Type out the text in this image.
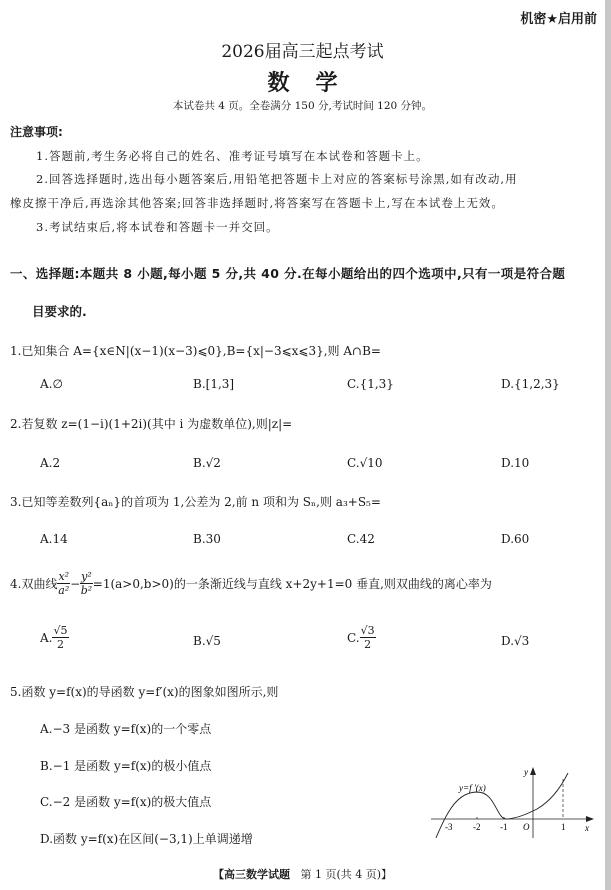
机密★启用前
2026届高三起点考试
数学
本试卷共 4 页。全卷满分 150 分,考试时间 120 分钟。
注意事项:
1.答题前,考生务必将自己的姓名、准考证号填写在本试卷和答题卡上。
2.回答选择题时,选出每小题答案后,用铅笔把答题卡上对应的答案标号涂黑,如有改动,用
橡皮擦干净后,再选涂其他答案;回答非选择题时,将答案写在答题卡上,写在本试卷上无效。
3.考试结束后,将本试卷和答题卡一并交回。
一、选择题:本题共 8 小题,每小题 5 分,共 40 分.在每小题给出的四个选项中,只有一项是符合题
目要求的.
1.已知集合 A={x∈N|(x−1)(x−3)⩽0},B={x|−3⩽x⩽3},则 A∩B=
A.∅	B.[1,3]	C.{1,3}	D.{1,2,3}
2.若复数 z=(1−i)(1+2i)(其中 i 为虚数单位),则|z|=
A.2	B.√2	C.√10	D.10
3.已知等差数列{aₙ}的首项为 1,公差为 2,前 n 项和为 Sₙ,则 a₃+S₅=
A.14	B.30	C.42	D.60
4.双曲线 $\frac{\text{x²}}{\text{a²}} - \frac{\text{y²}}{\text{b²}} =1(a>0,b>0)$的一条渐近线与直线 x+2y+1=0 垂直,则双曲线的离心率为
A. $\frac{√5}{2}$	B.√5	C. $\frac{√3}{2}$	D.√3
5.函数 y=f(x)的导函数 y=f′(x)的图象如图所示,则
A.−3 是函数 y=f(x)的一个零点
B.−1 是函数 y=f(x)的极小值点
C.−2 是函数 y=f(x)的极大值点
D.函数 y=f(x)在区间(−3,1)上单调递增
y=f ′(x)
y
x
O
-3 -2 -1	1
【高三数学试题 第 1 页(共 4 页)】
